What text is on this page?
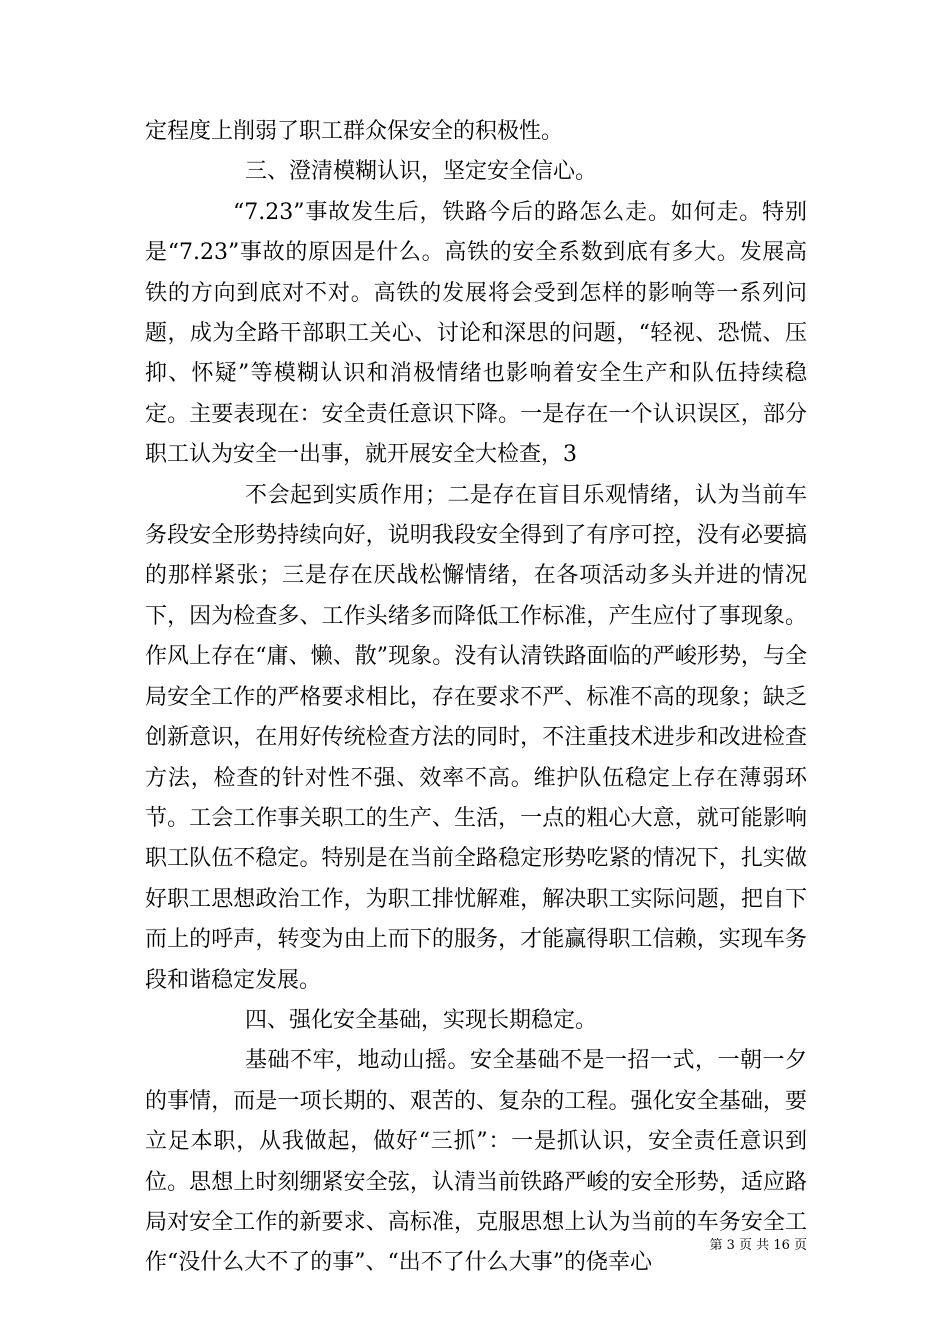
定程度上削弱了职工群众保安全的积极性。

三、澄清模糊认识，坚定安全信心。

“7.23”事故发生后，铁路今后的路怎么走。如何走。特别是“7.23”事故的原因是什么。高铁的安全系数到底有多大。发展高铁的方向到底对不对。高铁的发展将会受到怎样的影响等一系列问题，成为全路干部职工关心、讨论和深思的问题，“轻视、恐慌、压抑、怀疑”等模糊认识和消极情绪也影响着安全生产和队伍持续稳定。主要表现在：安全责任意识下降。一是存在一个认识误区，部分职工认为安全一出事，就开展安全大检查，3

不会起到实质作用；二是存在盲目乐观情绪，认为当前车务段安全形势持续向好，说明我段安全得到了有序可控，没有必要搞的那样紧张；三是存在厌战松懈情绪，在各项活动多头并进的情况下，因为检查多、工作头绪多而降低工作标准，产生应付了事现象。作风上存在“庸、懒、散”现象。没有认清铁路面临的严峻形势，与全局安全工作的严格要求相比，存在要求不严、标准不高的现象；缺乏创新意识，在用好传统检查方法的同时，不注重技术进步和改进检查方法，检查的针对性不强、效率不高。维护队伍稳定上存在薄弱环节。工会工作事关职工的生产、生活，一点的粗心大意，就可能影响职工队伍不稳定。特别是在当前全路稳定形势吃紧的情况下，扎实做好职工思想政治工作，为职工排忧解难，解决职工实际问题，把自下而上的呼声，转变为由上而下的服务，才能赢得职工信赖，实现车务段和谐稳定发展。

四、强化安全基础，实现长期稳定。

基础不牢，地动山摇。安全基础不是一招一式，一朝一夕的事情，而是一项长期的、艰苦的、复杂的工程。强化安全基础，要立足本职，从我做起，做好“三抓”：一是抓认识，安全责任意识到位。思想上时刻绷紧安全弦，认清当前铁路严峻的安全形势，适应路局对安全工作的新要求、高标准，克服思想上认为当前的车务安全工作“没什么大不了的事”、“出不了什么大事”的侥幸心

第 3 页 共 16 页
